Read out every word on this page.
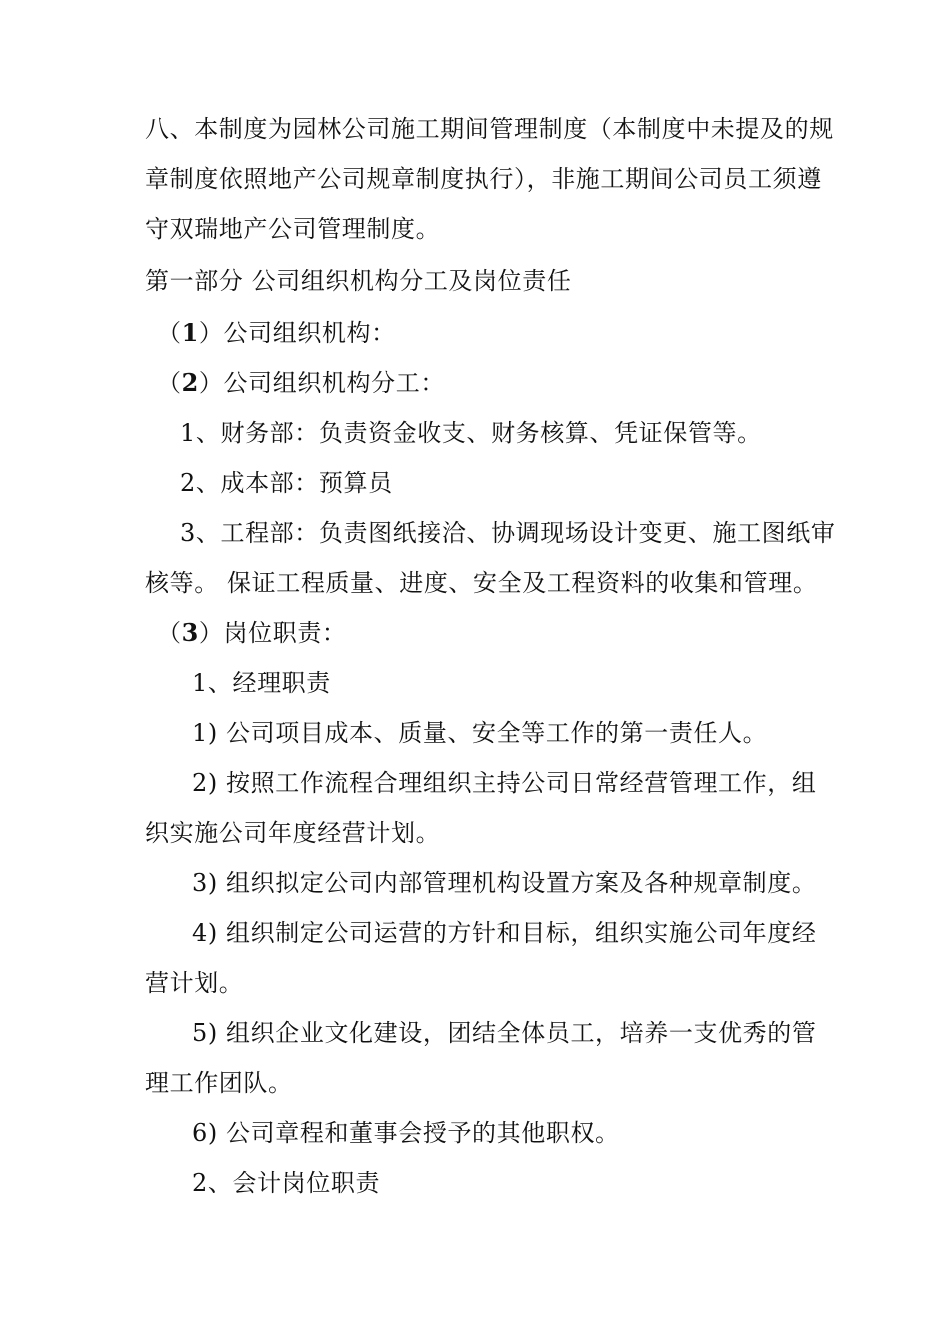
八、本制度为园林公司施工期间管理制度（本制度中未提及的规
章制度依照地产公司规章制度执行），非施工期间公司员工须遵
守双瑞地产公司管理制度。
第一部分 公司组织机构分工及岗位责任
（1）公司组织机构：
（2）公司组织机构分工：
1、财务部：负责资金收支、财务核算、凭证保管等。
2、成本部：预算员
3、工程部：负责图纸接洽、协调现场设计变更、施工图纸审
核等。 保证工程质量、进度、安全及工程资料的收集和管理。
（3）岗位职责：
1、经理职责
1) 公司项目成本、质量、安全等工作的第一责任人。
2) 按照工作流程合理组织主持公司日常经营管理工作，组
织实施公司年度经营计划。
3) 组织拟定公司内部管理机构设置方案及各种规章制度。
4) 组织制定公司运营的方针和目标，组织实施公司年度经
营计划。
5) 组织企业文化建设，团结全体员工，培养一支优秀的管
理工作团队。
6) 公司章程和董事会授予的其他职权。
2、会计岗位职责
